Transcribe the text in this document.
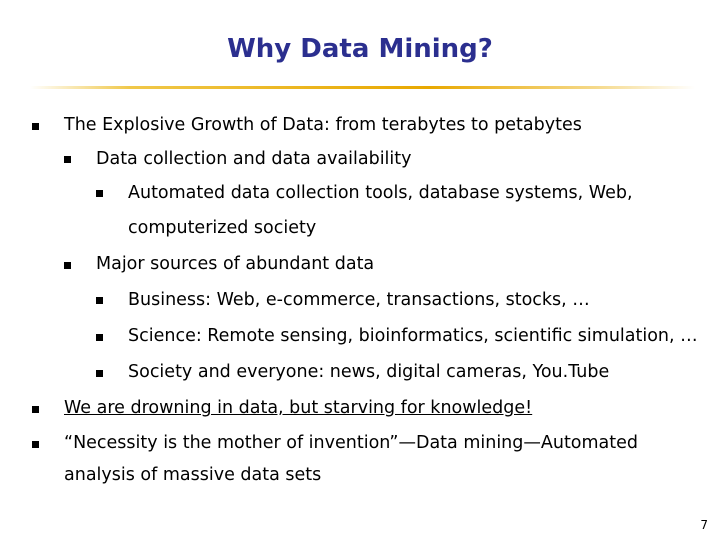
Why Data Mining?
The Explosive Growth of Data: from terabytes to petabytes
Data collection and data availability
Automated data collection tools, database systems, Web,
computerized society
Major sources of abundant data
Business: Web, e-commerce, transactions, stocks, …
Science: Remote sensing, bioinformatics, scientific simulation, …
Society and everyone: news, digital cameras, You.Tube
We are drowning in data, but starving for knowledge!
“Necessity is the mother of invention”—Data mining—Automated
analysis of massive data sets
7
